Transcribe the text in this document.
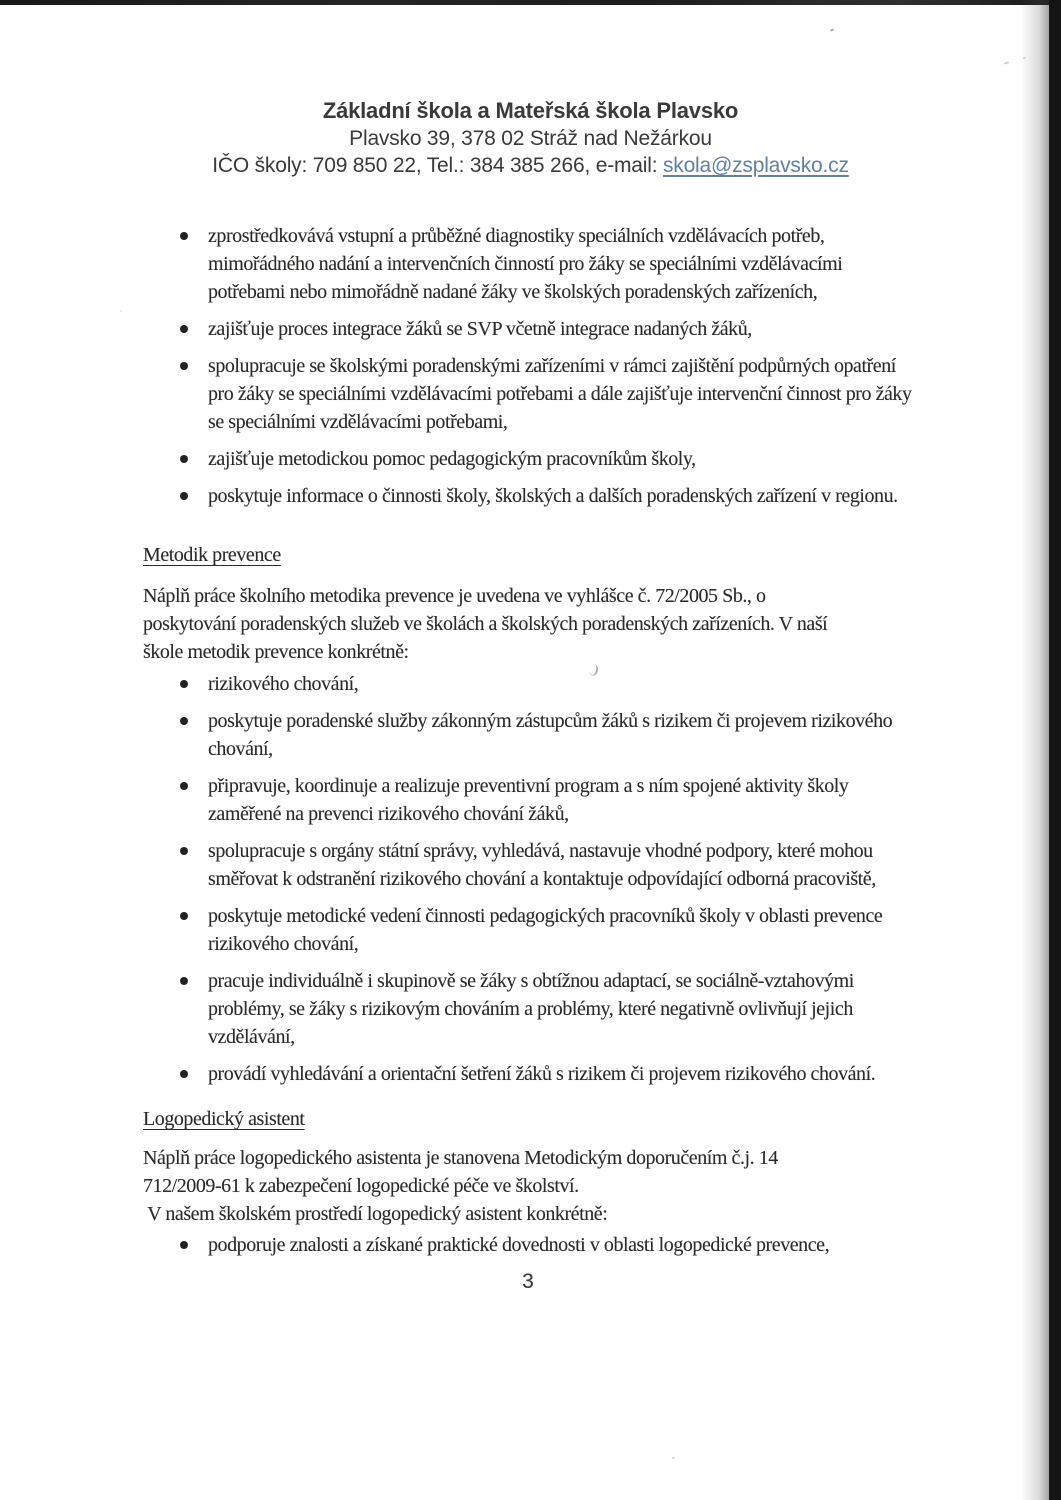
Základní škola a Mateřská škola Plavsko
Plavsko 39, 378 02 Stráž nad Nežárkou
IČO školy: 709 850 22, Tel.: 384 385 266, e-mail: skola@zsplavsko.cz
zprostředkovává vstupní a průběžné diagnostiky speciálních vzdělávacích potřeb, mimořádného nadání a intervenčních činností pro žáky se speciálními vzdělávacími potřebami nebo mimořádně nadané žáky ve školských poradenských zařízeních,
zajišťuje proces integrace žáků se SVP včetně integrace nadaných žáků,
spolupracuje se školskými poradenskými zařízeními v rámci zajištění podpůrných opatření pro žáky se speciálními vzdělávacími potřebami a dále zajišťuje intervenční činnost pro žáky se speciálními vzdělávacími potřebami,
zajišťuje metodickou pomoc pedagogickým pracovníkům školy,
poskytuje informace o činnosti školy, školských a dalších poradenských zařízení v regionu.
Metodik prevence
Náplň práce školního metodika prevence je uvedena ve vyhlášce č. 72/2005 Sb., o
poskytování poradenských služeb ve školách a školských poradenských zařízeních. V naší
škole metodik prevence konkrétně:
rizikového chování,
poskytuje poradenské služby zákonným zástupcům žáků s rizikem či projevem rizikového chování,
připravuje, koordinuje a realizuje preventivní program a s ním spojené aktivity školy zaměřené na prevenci rizikového chování žáků,
spolupracuje s orgány státní správy, vyhledává, nastavuje vhodné podpory, které mohou směřovat k odstranění rizikového chování a kontaktuje odpovídající odborná pracoviště,
poskytuje metodické vedení činnosti pedagogických pracovníků školy v oblasti prevence rizikového chování,
pracuje individuálně i skupinově se žáky s obtížnou adaptací, se sociálně-vztahovými problémy, se žáky s rizikovým chováním a problémy, které negativně ovlivňují jejich vzdělávání,
provádí vyhledávání a orientační šetření žáků s rizikem či projevem rizikového chování.
Logopedický asistent
Náplň práce logopedického asistenta je stanovena Metodickým doporučením č.j. 14
712/2009-61 k zabezpečení logopedické péče ve školství.
V našem školském prostředí logopedický asistent konkrétně:
podporuje znalosti a získané praktické dovednosti v oblasti logopedické prevence,
3
